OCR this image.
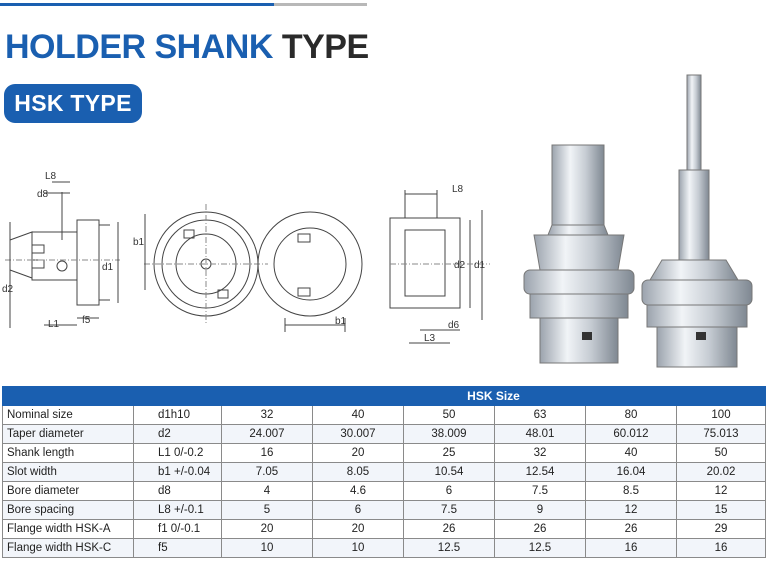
HOLDER SHANK TYPE
HSK TYPE
L8
d8
d2
d1
L1 f5
b1
b1
L8
d2 d1
d6
L3
		HSK Size					
Nominal size	d1h10	32	40	50	63	80	100
Taper diameter	d2	24.007	30.007	38.009	48.01	60.012	75.013
Shank length	L1 0/-0.2	16	20	25	32	40	50
Slot width	b1 +/-0.04	7.05	8.05	10.54	12.54	16.04	20.02
Bore diameter	d8	4	4.6	6	7.5	8.5	12
Bore spacing	L8 +/-0.1	5	6	7.5	9	12	15
Flange width HSK-A	f1 0/-0.1	20	20	26	26	26	29
Flange width HSK-C	f5	10	10	12.5	12.5	16	16
